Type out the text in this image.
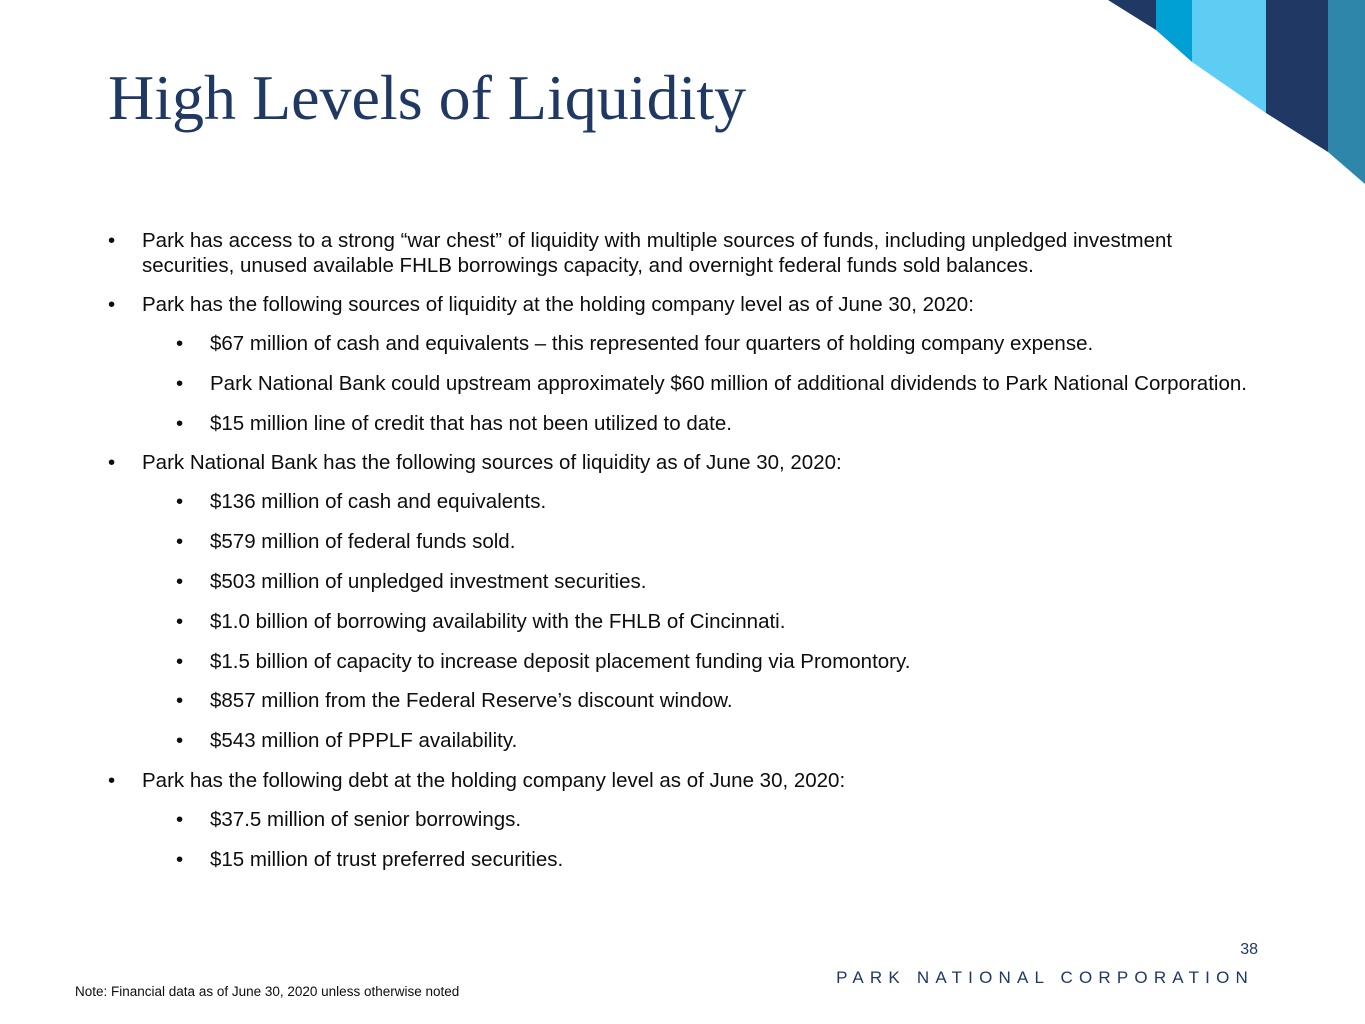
High Levels of Liquidity
• Park has access to a strong “war chest” of liquidity with multiple sources of funds, including unpledged investment securities, unused available FHLB borrowings capacity, and overnight federal funds sold balances.
• Park has the following sources of liquidity at the holding company level as of June 30, 2020:
• $67 million of cash and equivalents – this represented four quarters of holding company expense.
• Park National Bank could upstream approximately $60 million of additional dividends to Park National Corporation.
• $15 million line of credit that has not been utilized to date.
• Park National Bank has the following sources of liquidity as of June 30, 2020:
• $136 million of cash and equivalents.
• $579 million of federal funds sold.
• $503 million of unpledged investment securities.
• $1.0 billion of borrowing availability with the FHLB of Cincinnati.
• $1.5 billion of capacity to increase deposit placement funding via Promontory.
• $857 million from the Federal Reserve’s discount window.
• $543 million of PPPLF availability.
• Park has the following debt at the holding company level as of June 30, 2020:
• $37.5 million of senior borrowings.
• $15 million of trust preferred securities.
38
PARK NATIONAL CORPORATION
Note: Financial data as of June 30, 2020 unless otherwise noted
